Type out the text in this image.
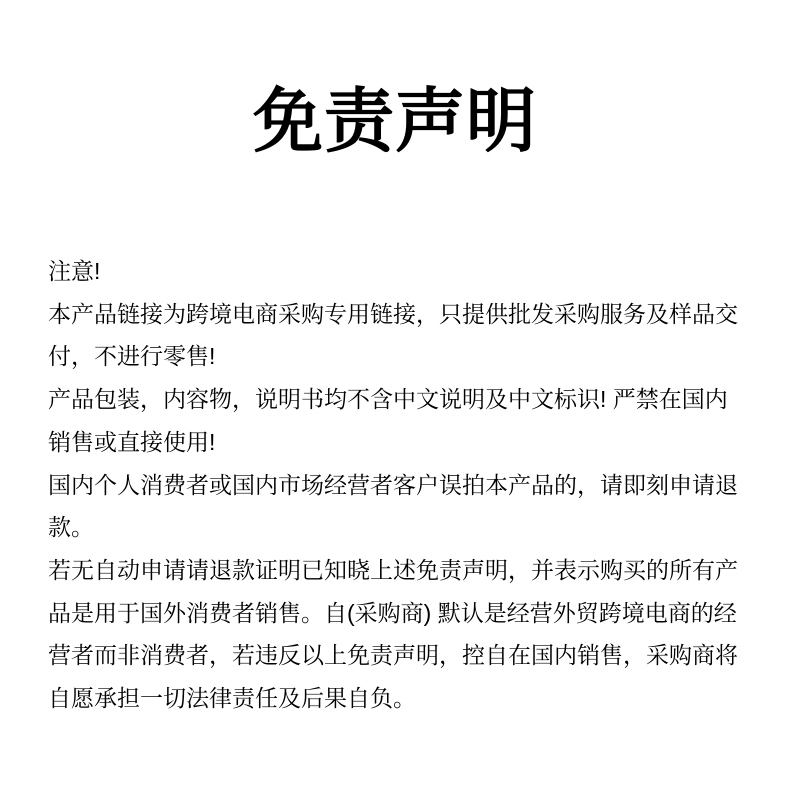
免责声明

注意!

本产品链接为跨境电商采购专用链接，只提供批发采购服务及样品交付，不进行零售!

产品包装，内容物，说明书均不含中文说明及中文标识! 严禁在国内销售或直接使用!

国内个人消费者或国内市场经营者客户误拍本产品的，请即刻申请退款。

若无自动申请请退款证明已知晓上述免责声明，并表示购买的所有产品是用于国外消费者销售。自(采购商) 默认是经营外贸跨境电商的经营者而非消费者，若违反以上免责声明，控自在国内销售，采购商将自愿承担一切法律责任及后果自负。
